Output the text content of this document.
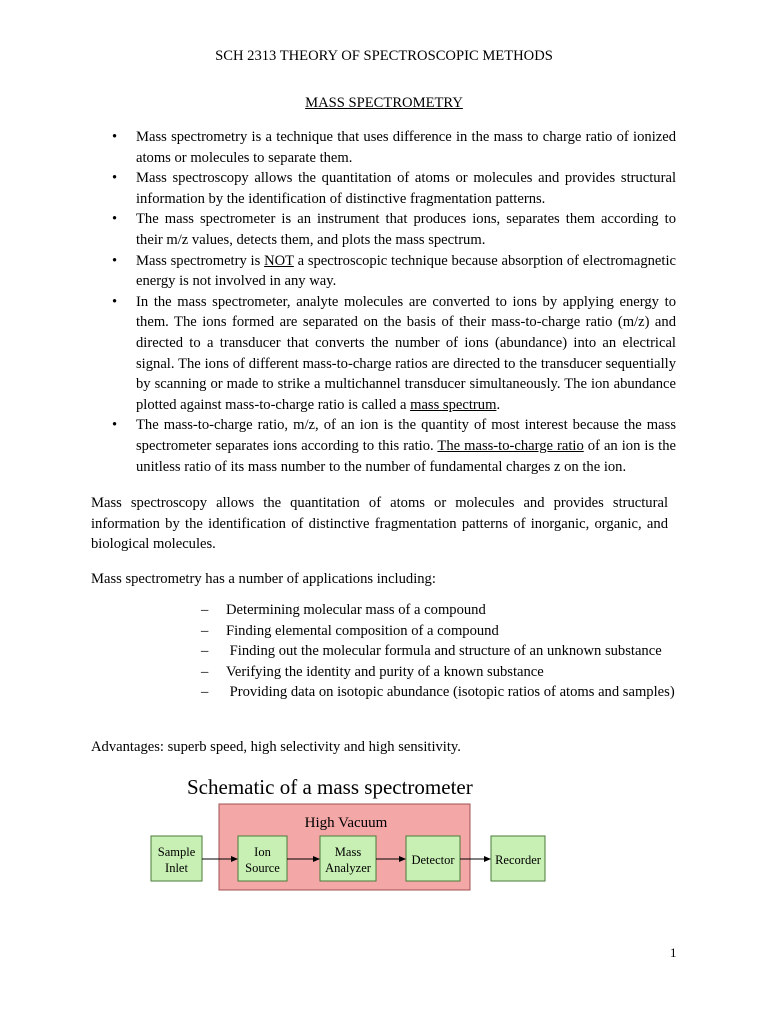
SCH 2313 THEORY OF SPECTROSCOPIC METHODS
MASS SPECTROMETRY
• Mass spectrometry is a technique that uses difference in the mass to charge ratio of ionized atoms or molecules to separate them.
• Mass spectroscopy allows the quantitation of atoms or molecules and provides structural information by the identification of distinctive fragmentation patterns.
• The mass spectrometer is an instrument that produces ions, separates them according to their m/z values, detects them, and plots the mass spectrum.
• Mass spectrometry is NOT a spectroscopic technique because absorption of electromagnetic energy is not involved in any way.
• In the mass spectrometer, analyte molecules are converted to ions by applying energy to them. The ions formed are separated on the basis of their mass-to-charge ratio (m/z) and directed to a transducer that converts the number of ions (abundance) into an electrical signal. The ions of different mass-to-charge ratios are directed to the transducer sequentially by scanning or made to strike a multichannel transducer simultaneously. The ion abundance plotted against mass-to-charge ratio is called a mass spectrum.
• The mass-to-charge ratio, m/z, of an ion is the quantity of most interest because the mass spectrometer separates ions according to this ratio. The mass-to-charge ratio of an ion is the unitless ratio of its mass number to the number of fundamental charges z on the ion.
Mass spectroscopy allows the quantitation of atoms or molecules and provides structural information by the identification of distinctive fragmentation patterns of inorganic, organic, and biological molecules.
Mass spectrometry has a number of applications including:
– Determining molecular mass of a compound
– Finding elemental composition of a compound
–  Finding out the molecular formula and structure of an unknown substance
– Verifying the identity and purity of a known substance
–  Providing data on isotopic abundance (isotopic ratios of atoms and samples)
Advantages: superb speed, high selectivity and high sensitivity.
Schematic of a mass spectrometer
High Vacuum
Sample
Inlet
Ion
Source
Mass
Analyzer
Detector	Recorder
1
